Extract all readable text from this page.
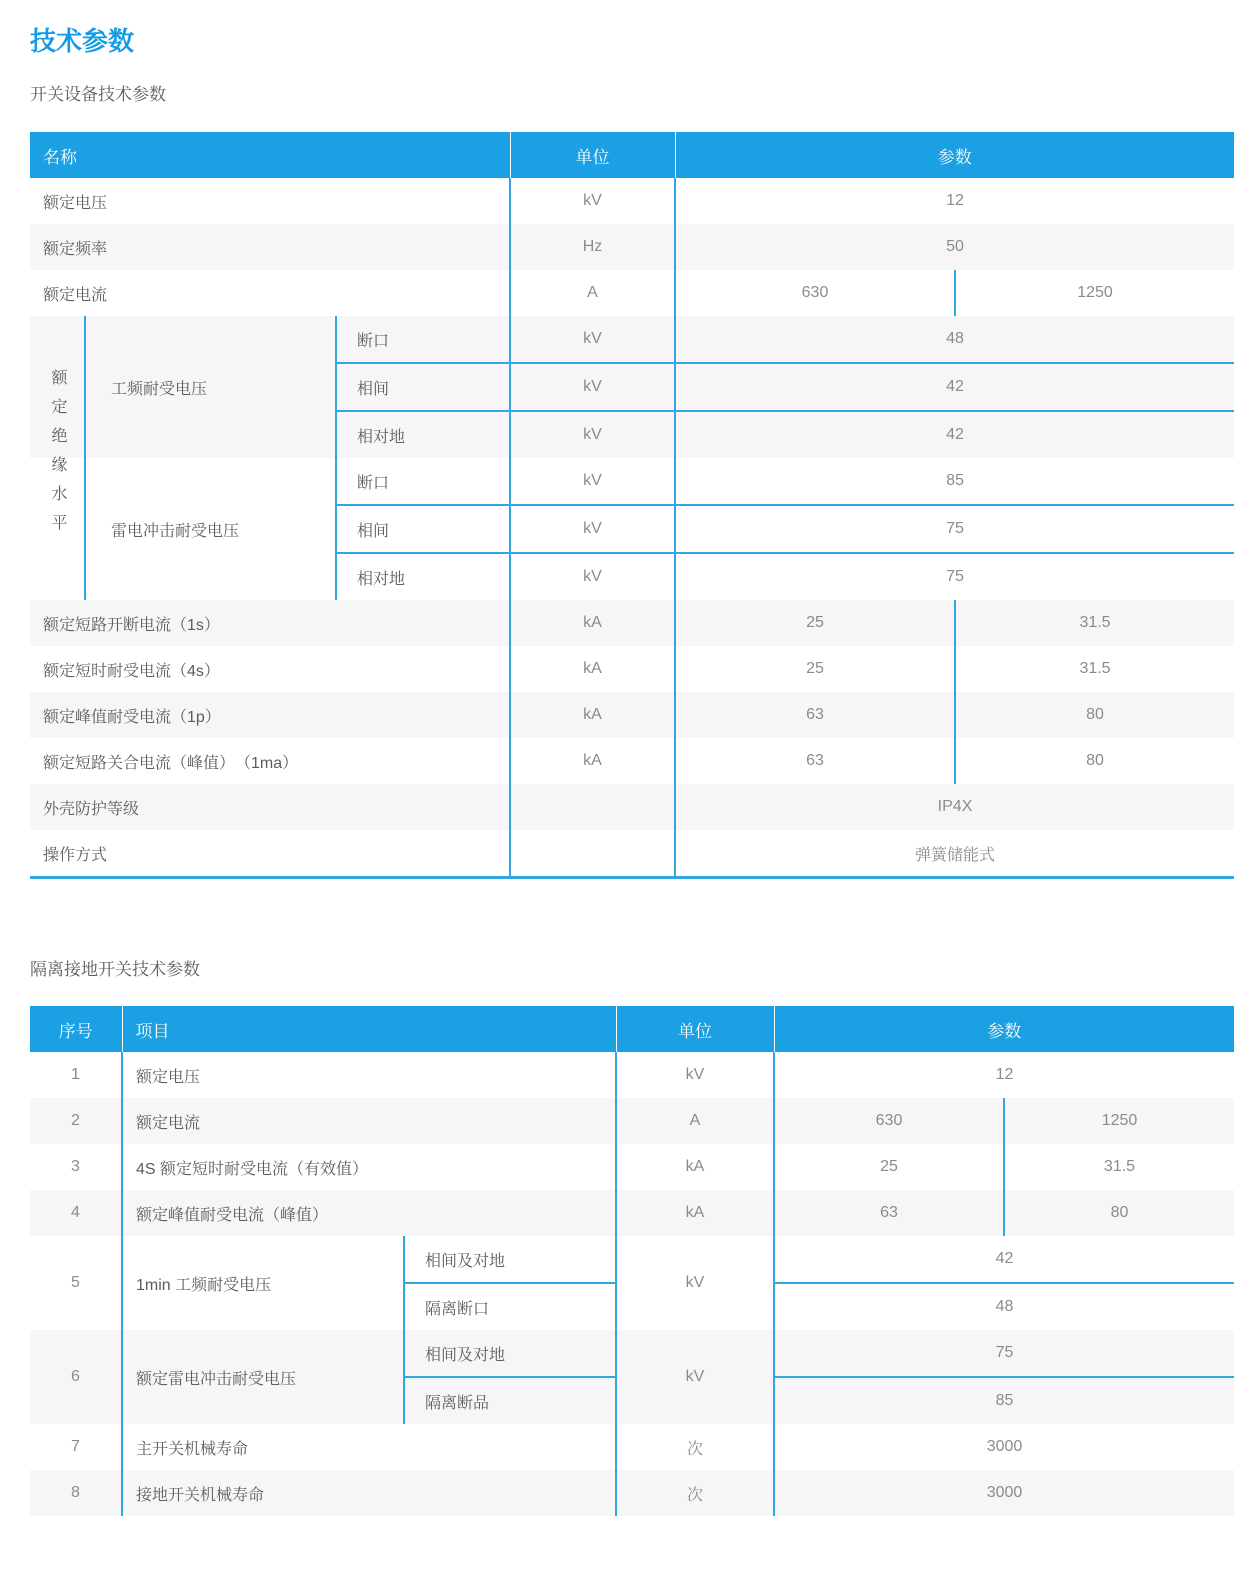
技术参数

开关设备技术参数

名称			单位	参数	
额定电压			kV	12	
额定频率			Hz	50	
额定电流			A	630	1250
额定绝缘水平	工频耐受电压	断口	kV	48	
		相间	kV	42	
		相对地	kV	42	
	雷电冲击耐受电压	断口	kV	85	
		相间	kV	75	
		相对地	kV	75	
额定短路开断电流（1s）			kA	25	31.5
额定短时耐受电流（4s）			kA	25	31.5
额定峰值耐受电流（1p）			kA	63	80
额定短路关合电流（峰值）　（1ma）			kA	63	80
外壳防护等级				IP4X	
操作方式				弹簧储能式	

隔离接地开关技术参数

序号	项目		单位	参数	
1	额定电压		kV	12	
2	额定电流		A	630	1250
3	4S 额定短时耐受电流（有效值）		kA	25	31.5
4	额定峰值耐受电流（峰值）		kA	63	80
5	1min 工频耐受电压	相间及对地	kV	42	
		隔离断口		48	
6	额定雷电冲击耐受电压	相间及对地	kV	75	
		隔离断品		85	
7	主开关机械寿命		次	3000	
8	接地开关机械寿命		次	3000	
